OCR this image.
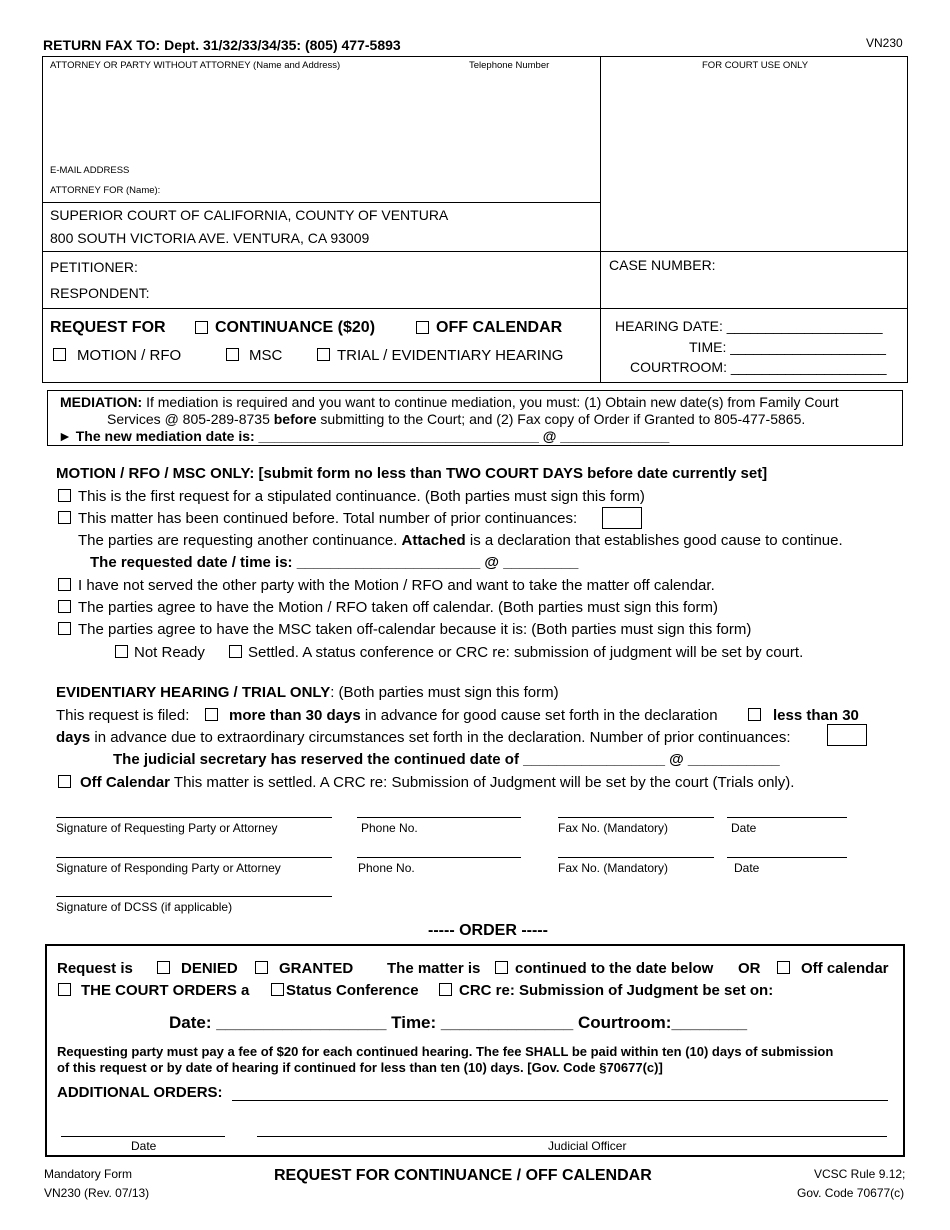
RETURN FAX TO: Dept. 31/32/33/34/35: (805) 477-5893	VN230
ATTORNEY OR PARTY WITHOUT ATTORNEY (Name and Address)	Telephone Number	FOR COURT USE ONLY
E-MAIL ADDRESS
ATTORNEY FOR (Name):
SUPERIOR COURT OF CALIFORNIA, COUNTY OF VENTURA
800 SOUTH VICTORIA AVE. VENTURA, CA 93009
PETITIONER:
RESPONDENT:
CASE NUMBER:
REQUEST FOR	CONTINUANCE ($20)	OFF CALENDAR
MOTION / RFO	MSC	TRIAL / EVIDENTIARY HEARING
HEARING DATE: ____________________
TIME: ____________________
COURTROOM: ____________________
MEDIATION: If mediation is required and you want to continue mediation, you must: (1) Obtain new date(s) from Family Court
Services @ 805-289-8735 before submitting to the Court; and (2) Fax copy of Order if Granted to 805-477-5865.
► The new mediation date is: ____________________________________ @ ______________
MOTION / RFO / MSC ONLY: [submit form no less than TWO COURT DAYS before date currently set]
This is the first request for a stipulated continuance. (Both parties must sign this form)
This matter has been continued before. Total number of prior continuances:
The parties are requesting another continuance. Attached is a declaration that establishes good cause to continue.
The requested date / time is: ______________________ @ _________
I have not served the other party with the Motion / RFO and want to take the matter off calendar.
The parties agree to have the Motion / RFO taken off calendar. (Both parties must sign this form)
The parties agree to have the MSC taken off-calendar because it is: (Both parties must sign this form)
Not Ready	Settled. A status conference or CRC re: submission of judgment will be set by court.
EVIDENTIARY HEARING / TRIAL ONLY: (Both parties must sign this form)
This request is filed:	more than 30 days in advance for good cause set forth in the declaration	less than 30
days in advance due to extraordinary circumstances set forth in the declaration. Number of prior continuances:
The judicial secretary has reserved the continued date of _________________ @ ___________
Off Calendar This matter is settled. A CRC re: Submission of Judgment will be set by the court (Trials only).
Signature of Requesting Party or Attorney	Phone No.	Fax No. (Mandatory)	Date
Signature of Responding Party or Attorney	Phone No.	Fax No. (Mandatory)	Date
Signature of DCSS (if applicable)
----- ORDER -----
Request is	DENIED	GRANTED The matter is continued to the date below OR	Off calendar
THE COURT ORDERS a Status Conference	CRC re: Submission of Judgment be set on:
Date: __________________ Time: ______________ Courtroom:________
Requesting party must pay a fee of $20 for each continued hearing. The fee SHALL be paid within ten (10) days of submission
of this request or by date of hearing if continued for less than ten (10) days. [Gov. Code §70677(c)]
ADDITIONAL ORDERS:
Date	Judicial Officer
Mandatory Form
VN230 (Rev. 07/13)
REQUEST FOR CONTINUANCE / OFF CALENDAR	VCSC Rule 9.12;
Gov. Code 70677(c)
